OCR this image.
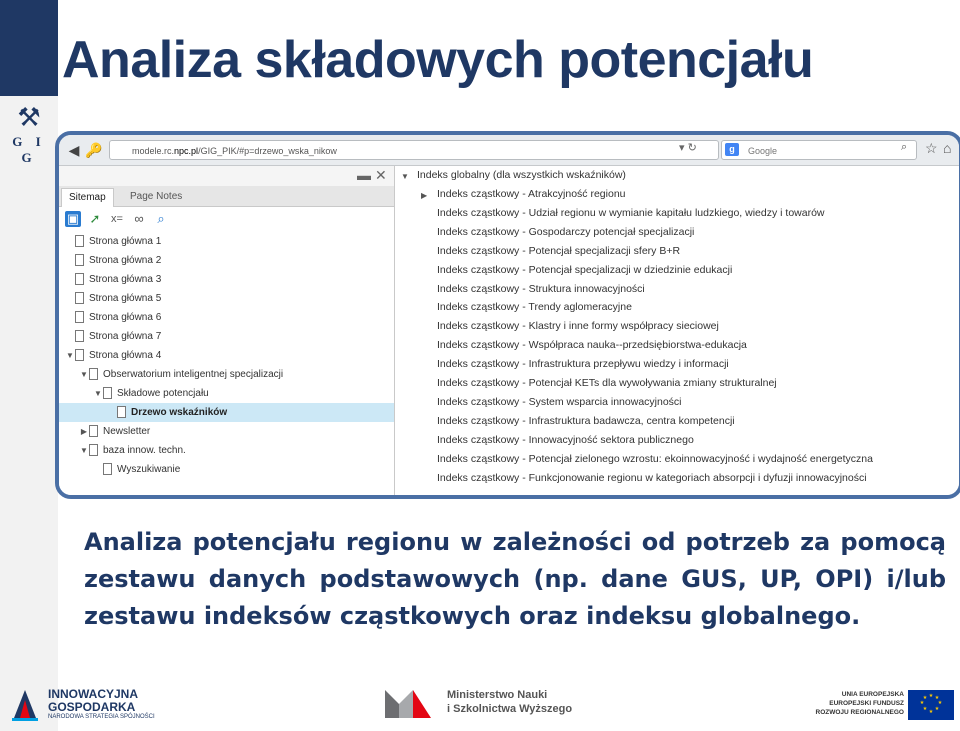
⚒
G I G
Analiza składowych potencjału
◀ 🔑	modele.rc.npc.pl/GIG_PIK/#p=drzewo_wska_nikow	▾ ↻	Google
g	⌕ ☆ ⌂
▬ ✕
Sitemap	Page Notes
▣ ➚ x= ∞	⌕
Strona główna 1
Strona główna 2
Strona główna 3
Strona główna 5
Strona główna 6
Strona główna 7
▼ Strona główna 4
▼ Obserwatorium inteligentnej specjalizacji
▼ Składowe potencjału
Drzewo wskaźników
▶ Newsletter
▼ baza innow. techn.
Wyszukiwanie
▼ Indeks globalny (dla wszystkich wskaźników)
▶ Indeks cząstkowy - Atrakcyjność regionu
Indeks cząstkowy - Udział regionu w wymianie kapitału ludzkiego, wiedzy i towarów
Indeks cząstkowy - Gospodarczy potencjał specjalizacji
Indeks cząstkowy - Potencjał specjalizacji sfery B+R
Indeks cząstkowy - Potencjał specjalizacji w dziedzinie edukacji
Indeks cząstkowy - Struktura innowacyjności
Indeks cząstkowy - Trendy aglomeracyjne
Indeks cząstkowy - Klastry i inne formy współpracy sieciowej
Indeks cząstkowy - Współpraca nauka--przedsiębiorstwa-edukacja
Indeks cząstkowy - Infrastruktura przepływu wiedzy i informacji
Indeks cząstkowy - Potencjał KETs dla wywoływania zmiany strukturalnej
Indeks cząstkowy - System wsparcia innowacyjności
Indeks cząstkowy - Infrastruktura badawcza, centra kompetencji
Indeks cząstkowy - Innowacyjność sektora publicznego
Indeks cząstkowy - Potencjał zielonego wzrostu: ekoinnowacyjność i wydajność energetyczna
Indeks cząstkowy - Funkcjonowanie regionu w kategoriach absorpcji i dyfuzji innowacyjności
Analiza potencjału regionu w zależności od potrzeb za pomocą zestawu danych podstawowych (np. dane GUS, UP, OPI) i/lub zestawu indeksów cząstkowych oraz indeksu globalnego.
INNOWACYJNA
GOSPODARKA
NARODOWA STRATEGIA SPÓJNOŚCI
Ministerstwo Nauki
i Szkolnictwa Wyższego
UNIA EUROPEJSKA
EUROPEJSKI FUNDUSZ
ROZWOJU REGIONALNEGO
★ ★
★
★
★
★
★
★
